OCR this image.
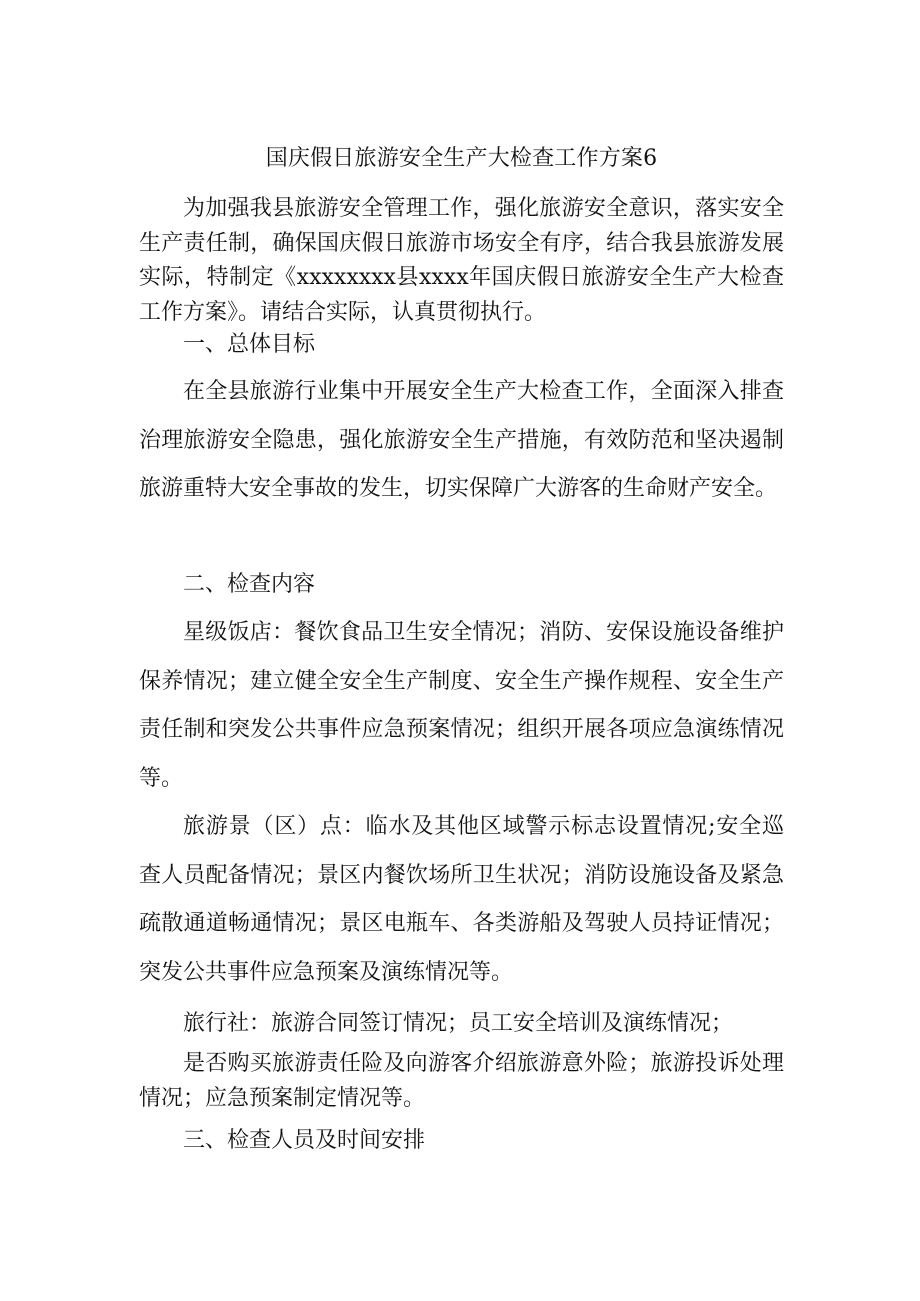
国庆假日旅游安全生产大检查工作方案6

为加强我县旅游安全管理工作，强化旅游安全意识，落实安全生产责任制，确保国庆假日旅游市场安全有序，结合我县旅游发展实际，特制定《xxxxxxxx县xxxx年国庆假日旅游安全生产大检查工作方案》。请结合实际，认真贯彻执行。

一、总体目标

在全县旅游行业集中开展安全生产大检查工作，全面深入排查治理旅游安全隐患，强化旅游安全生产措施，有效防范和坚决遏制旅游重特大安全事故的发生，切实保障广大游客的生命财产安全。

二、检查内容

星级饭店：餐饮食品卫生安全情况；消防、安保设施设备维护保养情况；建立健全安全生产制度、安全生产操作规程、安全生产责任制和突发公共事件应急预案情况；组织开展各项应急演练情况等。

旅游景（区）点：临水及其他区域警示标志设置情况;安全巡查人员配备情况；景区内餐饮场所卫生状况；消防设施设备及紧急疏散通道畅通情况；景区电瓶车、各类游船及驾驶人员持证情况；突发公共事件应急预案及演练情况等。

旅行社：旅游合同签订情况；员工安全培训及演练情况；

是否购买旅游责任险及向游客介绍旅游意外险；旅游投诉处理情况；应急预案制定情况等。

三、检查人员及时间安排
